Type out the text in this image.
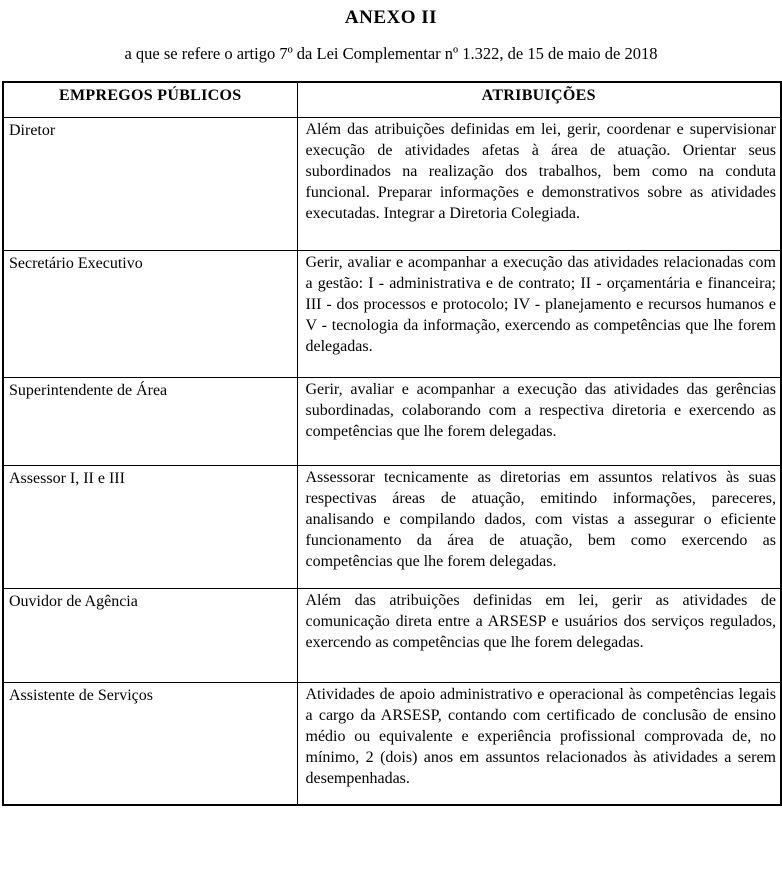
ANEXO II

a que se refere o artigo 7º da Lei Complementar nº 1.322, de 15 de maio de 2018

EMPREGOS PÚBLICOS	ATRIBUIÇÕES
Diretor	Além das atribuições definidas em lei, gerir, coordenar e supervisionar execução de atividades afetas à área de atuação. Orientar seus subordinados na realização dos trabalhos, bem como na conduta funcional. Preparar informações e demonstrativos sobre as atividades executadas. Integrar a Diretoria Colegiada.
Secretário Executivo	Gerir, avaliar e acompanhar a execução das atividades relacionadas com a gestão: I - administrativa e de contrato; II - orçamentária e financeira; III - dos processos e protocolo; IV - planejamento e recursos humanos e V - tecnologia da informação, exercendo as competências que lhe forem delegadas.
Superintendente de Área	Gerir, avaliar e acompanhar a execução das atividades das gerências subordinadas, colaborando com a respectiva diretoria e exercendo as competências que lhe forem delegadas.
Assessor I, II e III	Assessorar tecnicamente as diretorias em assuntos relativos às suas respectivas áreas de atuação, emitindo informações, pareceres, analisando e compilando dados, com vistas a assegurar o eficiente funcionamento da área de atuação, bem como exercendo as competências que lhe forem delegadas.
Ouvidor de Agência	Além das atribuições definidas em lei, gerir as atividades de comunicação direta entre a ARSESP e usuários dos serviços regulados, exercendo as competências que lhe forem delegadas.
Assistente de Serviços	Atividades de apoio administrativo e operacional às competências legais a cargo da ARSESP, contando com certificado de conclusão de ensino médio ou equivalente e experiência profissional comprovada de, no mínimo, 2 (dois) anos em assuntos relacionados às atividades a serem desempenhadas.
